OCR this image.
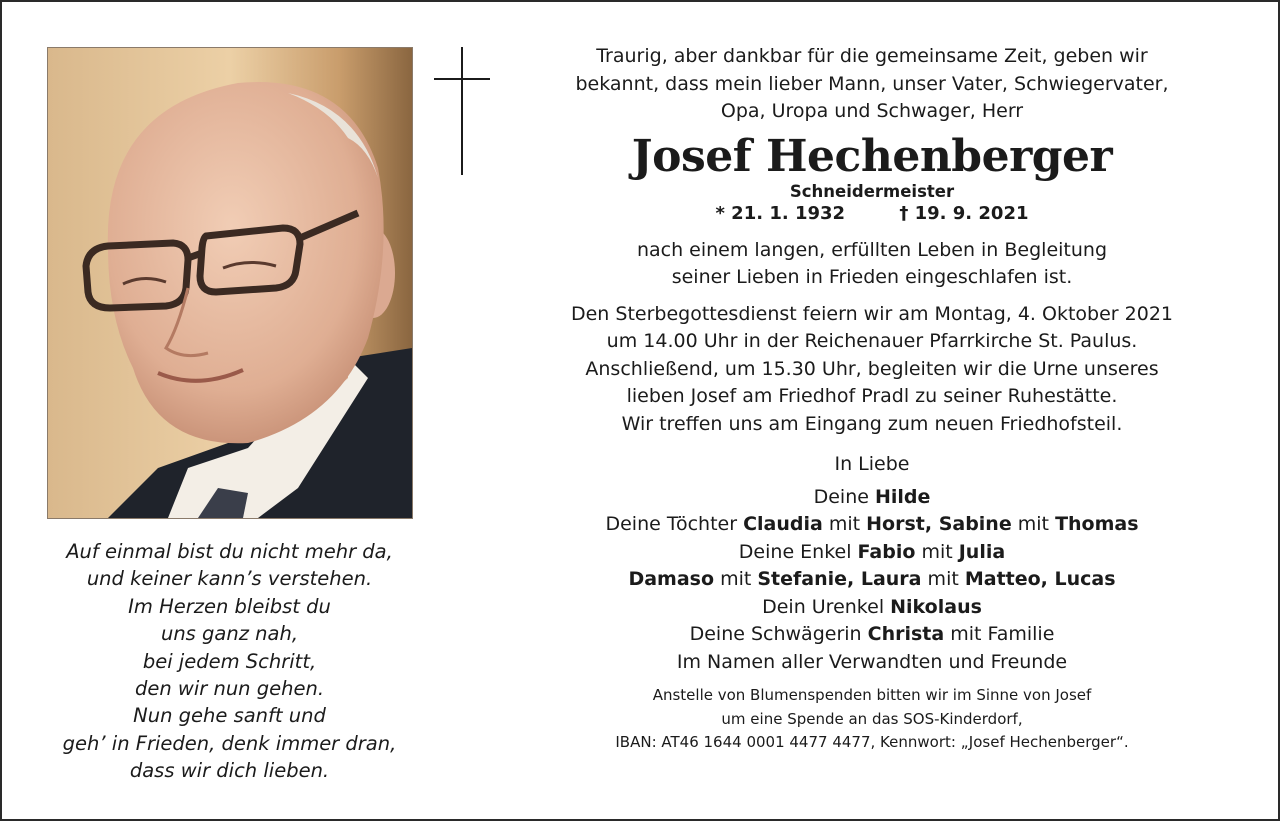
Auf einmal bist du nicht mehr da,
und keiner kann’s verstehen.
Im Herzen bleibst du
uns ganz nah,
bei jedem Schritt,
den wir nun gehen.
Nun gehe sanft und
geh’ in Frieden, denk immer dran,
dass wir dich lieben.
Traurig, aber dankbar für die gemeinsame Zeit, geben wir
bekannt, dass mein lieber Mann, unser Vater, Schwiegervater,
Opa, Uropa und Schwager, Herr
Josef Hechenberger
Schneidermeister
* 21. 1. 1932	† 19. 9. 2021
nach einem langen, erfüllten Leben in Begleitung
seiner Lieben in Frieden eingeschlafen ist.
Den Sterbegottesdienst feiern wir am Montag, 4. Oktober 2021
um 14.00 Uhr in der Reichenauer Pfarrkirche St. Paulus.
Anschließend, um 15.30 Uhr, begleiten wir die Urne unseres
lieben Josef am Friedhof Pradl zu seiner Ruhestätte.
Wir treffen uns am Eingang zum neuen Friedhofsteil.
In Liebe
Deine Hilde
Deine Töchter Claudia mit Horst, Sabine mit Thomas
Deine Enkel Fabio mit Julia
Damaso mit Stefanie, Laura mit Matteo, Lucas
Dein Urenkel Nikolaus
Deine Schwägerin Christa mit Familie
Im Namen aller Verwandten und Freunde
Anstelle von Blumenspenden bitten wir im Sinne von Josef
um eine Spende an das SOS-Kinderdorf,
IBAN: AT46 1644 0001 4477 4477, Kennwort: „Josef Hechenberger“.
